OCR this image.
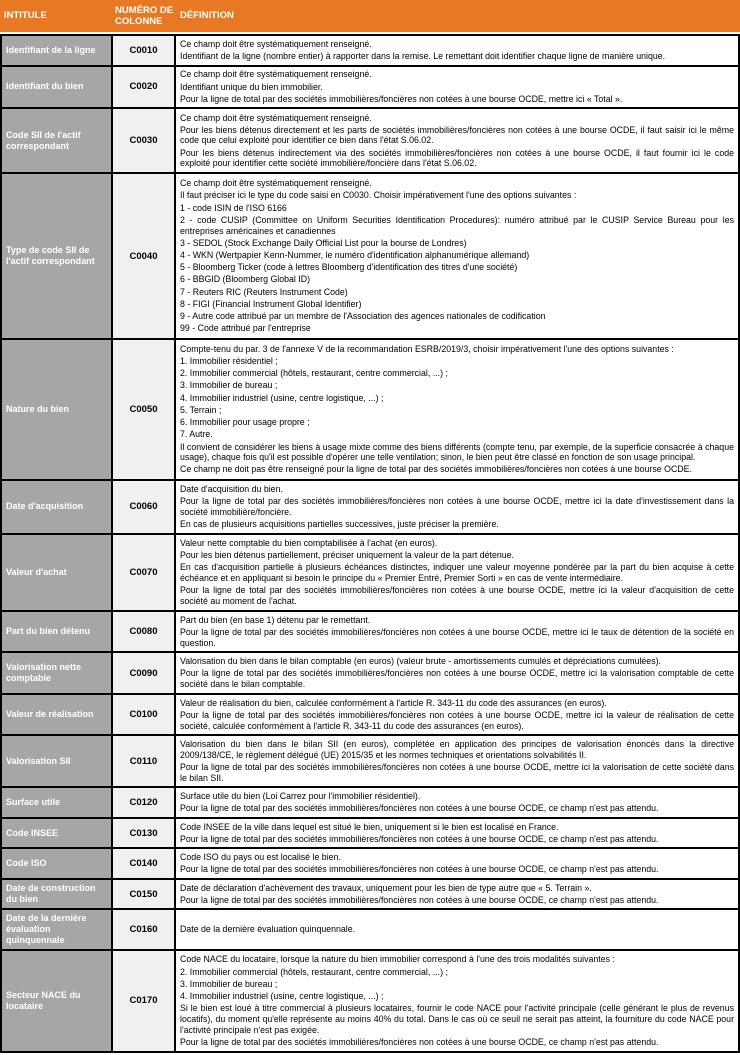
INTITULE	NUMÉRO DE COLONNE	DÉFINITION
Identifiant de la ligne	C0010	Ce champ doit être systématiquement renseigné.
Identifiant de la ligne (nombre entier) à rapporter dans la remise. Le remettant doit identifier chaque ligne de manière unique.

Identifiant du bien	C0020	Ce champ doit être systématiquement renseigné.
Identifiant unique du bien immobilier.
Pour la ligne de total par des sociétés immobilières/foncières non cotées à une bourse OCDE, mettre ici « Total ».

Code SII de l'actif correspondant	C0030	Ce champ doit être systématiquement renseigné.
Pour les biens détenus directement et les parts de sociétés immobilières/foncières non cotées à une bourse OCDE, il faut saisir ici le même code que celui exploité pour identifier ce bien dans l'état S.06.02.
Pour les biens détenus indirectement via des sociétés immobilières/foncières non cotées à une bourse OCDE, il faut fournir ici le code exploité pour identifier cette société immobilière/foncière dans l'état S.06.02.

Type de code SII de l'actif correspondant	C0040	
Ce champ doit être systématiquement renseigné.
Il faut préciser ici le type du code saisi en C0030. Choisir impérativement l'une des options suivantes :
1 - code ISIN de l'ISO 6166
2 - code CUSIP (Committee on Uniform Securities Identification Procedures): numéro attribué par le CUSIP Service Bureau pour les entreprises américaines et canadiennes
3 - SEDOL (Stock Exchange Daily Official List pour la bourse de Londres)
4 - WKN (Wertpapier Kenn-Nummer, le numéro d'identification alphanumérique allemand)
5 - Bloomberg Ticker (code à lettres Bloomberg d'identification des titres d'une société)
6 - BBGID (Bloomberg Global ID)
7 - Reuters RIC (Reuters Instrument Code)
8 - FIGI (Financial Instrument Global Identifier)
9 - Autre code attribué par un membre de l'Association des agences nationales de codification
99 - Code attribué par l'entreprise

Nature du bien	C0050	
Compte-tenu du par. 3 de l'annexe V de la recommandation ESRB/2019/3, choisir impérativement l'une des options suivantes :
1. Immobilier résidentiel ;
2. Immobilier commercial (hôtels, restaurant, centre commercial, ...) ;
3. Immobilier de bureau ;
4. Immobilier industriel (usine, centre logistique, ...) ;
5. Terrain ;
6. Immobilier pour usage propre ;
7. Autre.
Il convient de considérer les biens à usage mixte comme des biens différents (compte tenu, par exemple, de la superficie consacrée à chaque usage), chaque fois qu'il est possible d'opérer une telle ventilation; sinon, le bien peut être classé en fonction de son usage principal.
Ce champ ne doit pas être renseigné pour la ligne de total par des sociétés immobilières/foncières non cotées à une bourse OCDE.

Date d'acquisition	C0060	Date d'acquisition du bien.
Pour la ligne de total par des sociétés immobilières/foncières non cotées à une bourse OCDE, mettre ici la date d'investissement dans la société immobilière/foncière.
En cas de plusieurs acquisitions partielles successives, juste préciser la première.

Valeur d'achat	C0070	Valeur nette comptable du bien comptabilisée à l'achat (en euros).
Pour les bien détenus partiellement, préciser uniquement la valeur de la part détenue.
En cas d'acquisition partielle à plusieurs échéances distinctes, indiquer une valeur moyenne pondérée par la part du bien acquise à cette échéance et en appliquant si besoin le principe du « Premier Entré, Premier Sorti » en cas de vente intermédiaire.
Pour la ligne de total par des sociétés immobilières/foncières non cotées à une bourse OCDE, mettre ici la valeur d'acquisition de cette société au moment de l'achat.

Part du bien détenu	C0080	Part du bien (en base 1) détenu par le remettant.
Pour la ligne de total par des sociétés immobilières/foncières non cotées à une bourse OCDE, mettre ici le taux de détention de la société en question.

Valorisation nette comptable	C0090	Valorisation du bien dans le bilan comptable (en euros) (valeur brute - amortissements cumulés et dépréciations cumulées).
Pour la ligne de total par des sociétés immobilières/foncières non cotées à une bourse OCDE, mettre ici la valorisation comptable de cette société dans le bilan comptable.

Valeur de réalisation	C0100	Valeur de réalisation du bien, calculée conformément à l'article R. 343-11 du code des assurances (en euros).
Pour la ligne de total par des sociétés immobilières/foncières non cotées à une bourse OCDE, mettre ici la valeur de réalisation de cette société, calculée conformément à l'article R. 343-11 du code des assurances (en euros).

Valorisation SII	C0110	Valorisation du bien dans le bilan SII (en euros), complétée en application des principes de valorisation énoncés dans la directive 2009/138/CE, le règlement délégué (UE) 2015/35 et les normes techniques et orientations solvabilités II.
Pour la ligne de total par des sociétés immobilières/foncières non cotées à une bourse OCDE, mettre ici la valorisation de cette société dans le bilan SII.

Surface utile	C0120	Surface utile du bien (Loi Carrez pour l'immobilier résidentiel).
Pour la ligne de total par des sociétés immobilières/foncières non cotées à une bourse OCDE, ce champ n'est pas attendu.

Code INSEE	C0130	Code INSEE de la ville dans lequel est situé le bien, uniquement si le bien est localisé en France.
Pour la ligne de total par des sociétés immobilières/foncières non cotées à une bourse OCDE, ce champ n'est pas attendu.

Code ISO	C0140	Code ISO du pays ou est localisé le bien.
Pour la ligne de total par des sociétés immobilières/foncières non cotées à une bourse OCDE, ce champ n'est pas attendu.

Date de construction du bien	C0150	Date de déclaration d'achèvement des travaux, uniquement pour les bien de type autre que « 5. Terrain ».
Pour la ligne de total par des sociétés immobilières/foncières non cotées à une bourse OCDE, ce champ n'est pas attendu.

Date de la dernière évaluation quinquennale	C0160	Date de la dernière évaluation quinquennale.

Secteur NACE du locataire	C0170	
Code NACE du locataire, lorsque la nature du bien immobilier correspond à l'une des trois modalités suivantes :
2. Immobilier commercial (hôtels, restaurant, centre commercial, ...) ;
3. Immobilier de bureau ;
4. Immobilier industriel (usine, centre logistique, ...) ;
Si le bien est loué à titre commercial à plusieurs locataires, fournir le code NACE pour l'activité principale (celle générant le plus de revenus locatifs), du moment qu'elle représente au moins 40% du total. Dans le cas où ce seuil ne serait pas atteint, la fourniture du code NACE pour l'activité principale n'est pas exigée.
Pour la ligne de total par des sociétés immobilières/foncières non cotées à une bourse OCDE, ce champ n'est pas attendu.
